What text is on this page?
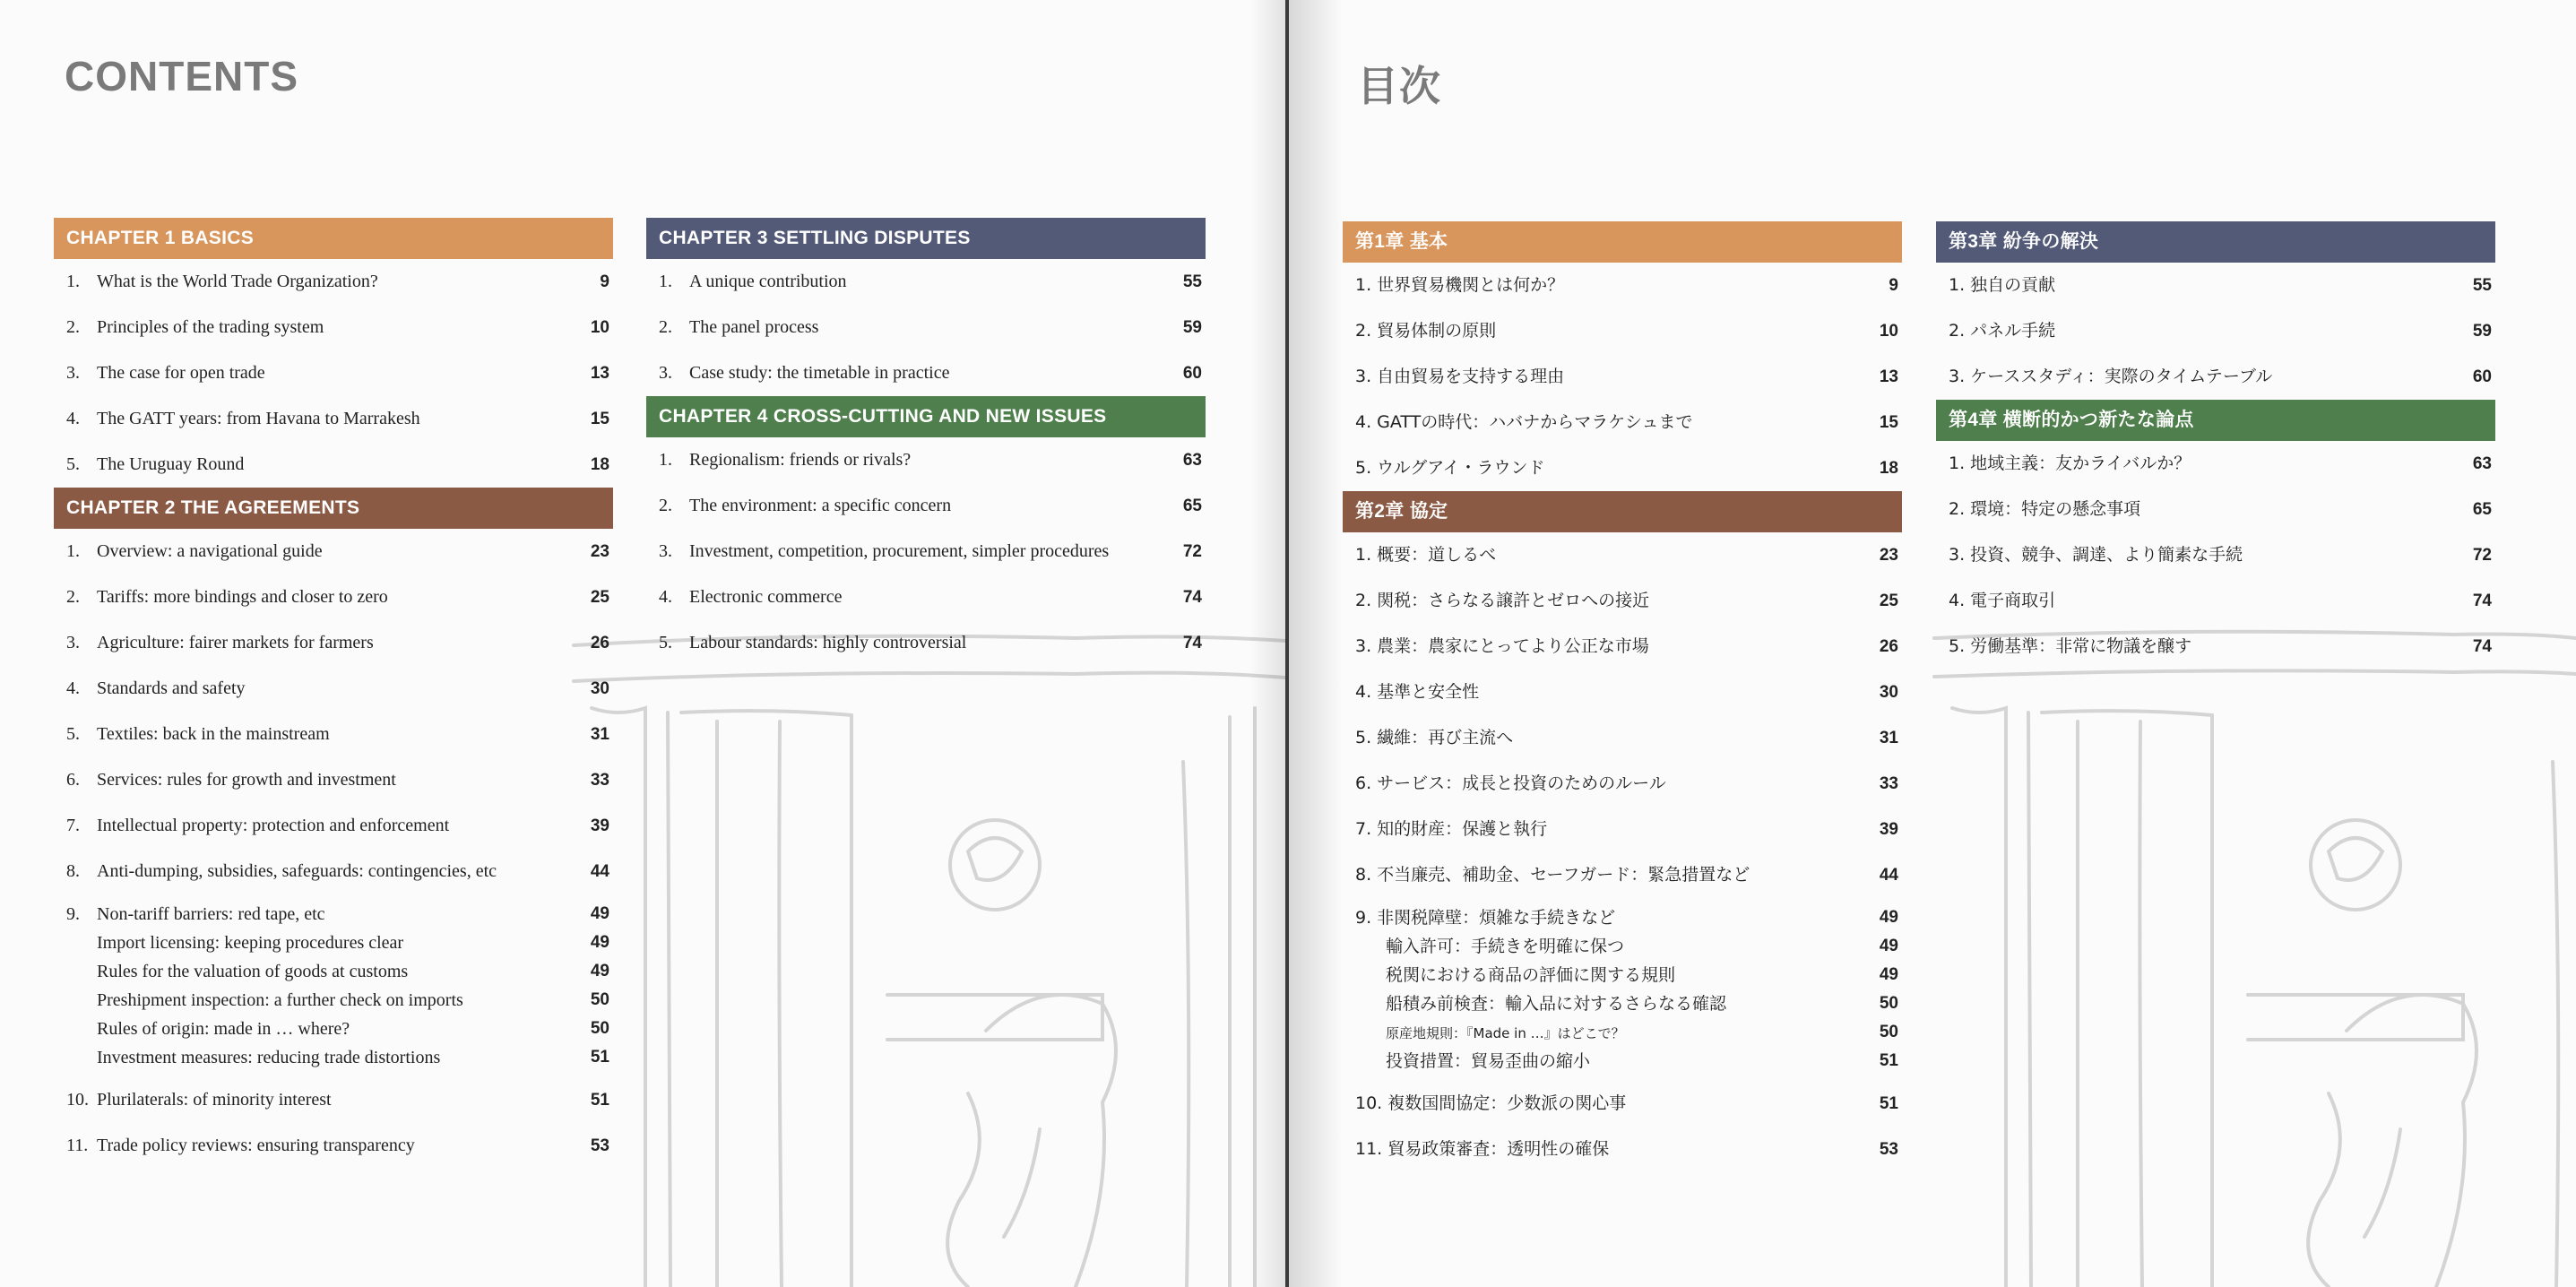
CONTENTS
CHAPTER 1 BASICS
1. What is the World Trade Organization?	9
2. Principles of the trading system	10
3. The case for open trade	13
4. The GATT years: from Havana to Marrakesh	15
5. The Uruguay Round	18
CHAPTER 2 THE AGREEMENTS
1. Overview: a navigational guide	23
2. Tariffs: more bindings and closer to zero	25
3. Agriculture: fairer markets for farmers	26
4. Standards and safety	30
5. Textiles: back in the mainstream	31
6. Services: rules for growth and investment	33
7. Intellectual property: protection and enforcement	39
8. Anti-dumping, subsidies, safeguards: contingencies, etc	44
9. Non-tariff barriers: red tape, etc	49
Import licensing: keeping procedures clear	49
Rules for the valuation of goods at customs	49
Preshipment inspection: a further check on imports	50
Rules of origin: made in … where?	50
Investment measures: reducing trade distortions	51
10. Plurilaterals: of minority interest	51
11. Trade policy reviews: ensuring transparency	53
CHAPTER 3 SETTLING DISPUTES
1. A unique contribution	55
2. The panel process	59
3. Case study: the timetable in practice	60
CHAPTER 4 CROSS-CUTTING AND NEW ISSUES
1. Regionalism: friends or rivals?	63
2. The environment: a specific concern	65
3. Investment, competition, procurement, simpler procedures	72
4. Electronic commerce	74
5. Labour standards: highly controversial	74
目次
第1章 基本
1. 世界貿易機関とは何か？	9
2. 貿易体制の原則	10
3. 自由貿易を支持する理由	13
4. GATTの時代：ハバナからマラケシュまで	15
5. ウルグアイ・ラウンド	18
第2章 協定
1. 概要：道しるべ	23
2. 関税：さらなる譲許とゼロへの接近	25
3. 農業：農家にとってより公正な市場	26
4. 基準と安全性	30
5. 繊維：再び主流へ	31
6. サービス：成長と投資のためのルール	33
7. 知的財産：保護と執行	39
8. 不当廉売、補助金、セーフガード：緊急措置など	44
9. 非関税障壁：煩雑な手続きなど	49
輸入許可：手続きを明確に保つ	49
税関における商品の評価に関する規則	49
船積み前検査：輸入品に対するさらなる確認	50
原産地規則：『Made in …』はどこで？	50
投資措置：貿易歪曲の縮小	51
10. 複数国間協定：少数派の関心事	51
11. 貿易政策審査：透明性の確保	53
第3章 紛争の解決
1. 独自の貢献	55
2. パネル手続	59
3. ケーススタディ：実際のタイムテーブル	60
第4章 横断的かつ新たな論点
1. 地域主義：友かライバルか？	63
2. 環境：特定の懸念事項	65
3. 投資、競争、調達、より簡素な手続	72
4. 電子商取引	74
5. 労働基準：非常に物議を醸す	74
